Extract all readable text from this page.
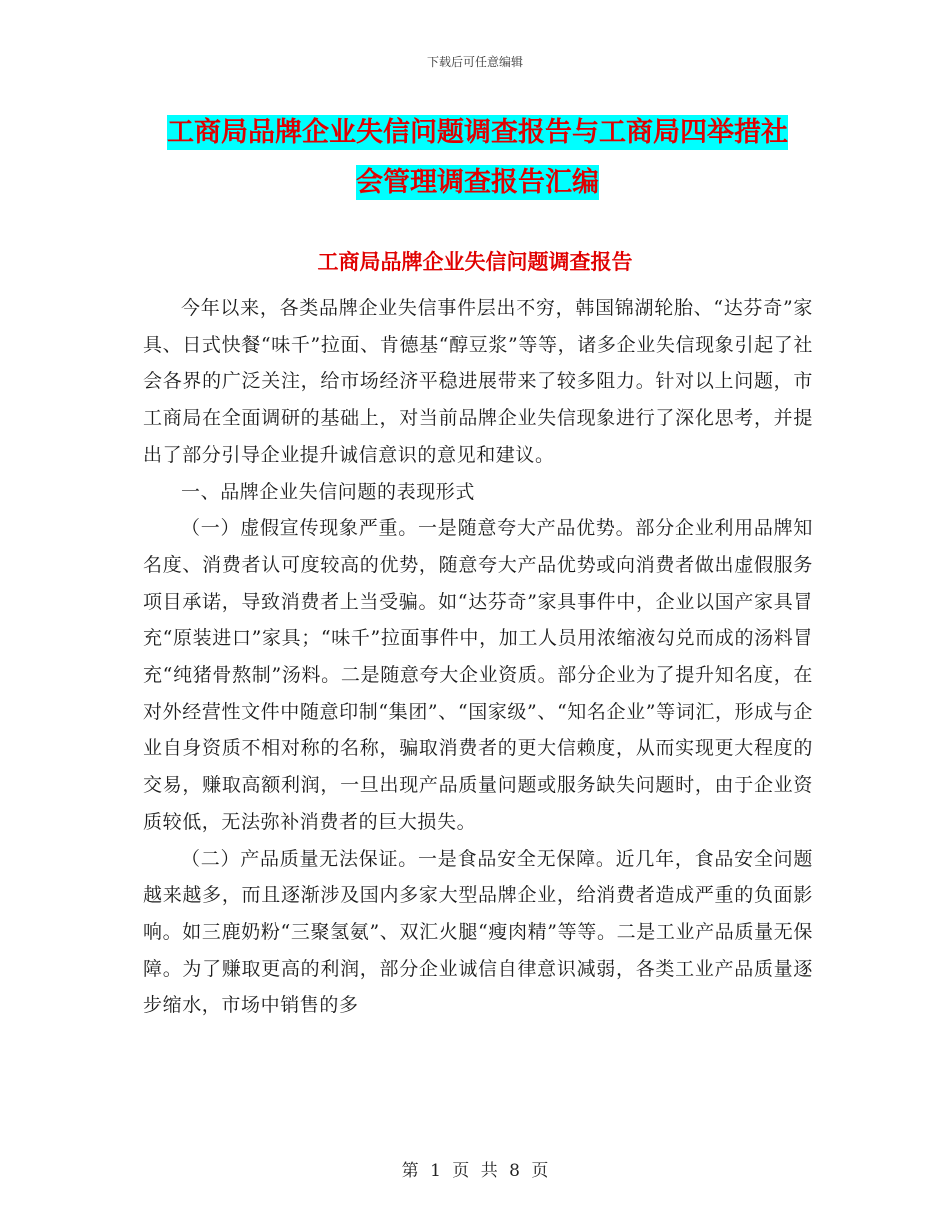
下载后可任意编辑
工商局品牌企业失信问题调查报告与工商局四举措社
会管理调查报告汇编
工商局品牌企业失信问题调查报告

今年以来，各类品牌企业失信事件层出不穷，韩国锦湖轮胎、“达芬奇”家具、日式快餐“味千”拉面、肯德基“醇豆浆”等等，诸多企业失信现象引起了社会各界的广泛关注，给市场经济平稳进展带来了较多阻力。针对以上问题，市工商局在全面调研的基础上，对当前品牌企业失信现象进行了深化思考，并提出了部分引导企业提升诚信意识的意见和建议。

一、品牌企业失信问题的表现形式

（一）虚假宣传现象严重。一是随意夸大产品优势。部分企业利用品牌知名度、消费者认可度较高的优势，随意夸大产品优势或向消费者做出虚假服务项目承诺，导致消费者上当受骗。如“达芬奇”家具事件中，企业以国产家具冒充“原装进口”家具；“味千”拉面事件中，加工人员用浓缩液勾兑而成的汤料冒充“纯猪骨熬制”汤料。二是随意夸大企业资质。部分企业为了提升知名度，在对外经营性文件中随意印制“集团”、“国家级”、“知名企业”等词汇，形成与企业自身资质不相对称的名称，骗取消费者的更大信赖度，从而实现更大程度的交易，赚取高额利润，一旦出现产品质量问题或服务缺失问题时，由于企业资质较低，无法弥补消费者的巨大损失。

（二）产品质量无法保证。一是食品安全无保障。近几年，食品安全问题越来越多，而且逐渐涉及国内多家大型品牌企业，给消费者造成严重的负面影响。如三鹿奶粉“三聚氢氨”、双汇火腿“瘦肉精”等等。二是工业产品质量无保障。为了赚取更高的利润，部分企业诚信自律意识减弱，各类工业产品质量逐步缩水，市场中销售的多

第 1 页 共 8 页
